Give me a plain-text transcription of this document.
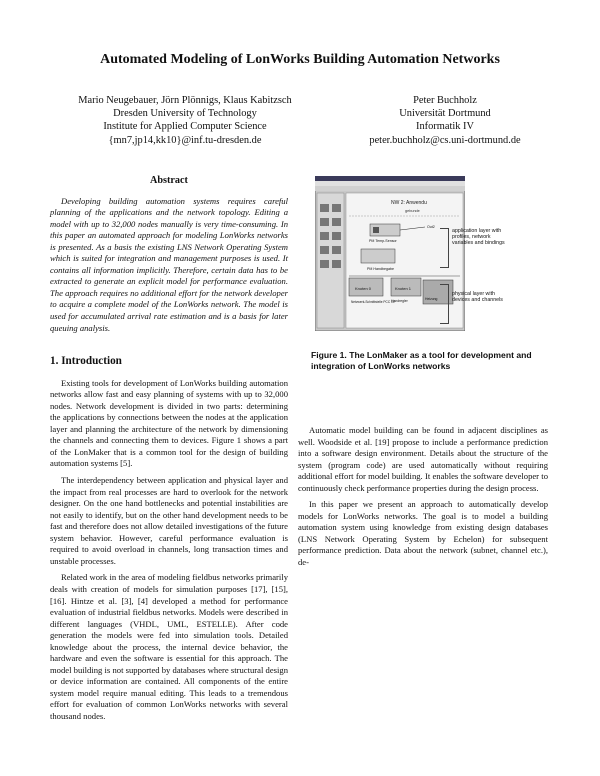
Automated Modeling of LonWorks Building Automation Networks
Mario Neugebauer, Jörn Plönnigs, Klaus Kabitzsch
Dresden University of Technology
Institute for Applied Computer Science
{mn7,jp14,kk10}@inf.tu-dresden.de
Peter Buchholz
Universität Dortmund
Informatik IV
peter.buchholz@cs.uni-dortmund.de
Abstract

Developing building automation systems requires careful planning of the applications and the network topology. Editing a model with up to 32,000 nodes manually is very time-consuming. In this paper an automated approach for modeling LonWorks networks is presented. As a basis the existing LNS Network Operating System which is suited for integration and management purposes is used. It contains all information implicitly. Therefore, certain data has to be extracted to generate an explicit model for performance evaluation. The approach requires no additional effort for the network developer to acquire a complete model of the LonWorks network. The model is used for accumulated arrival rate estimation and is a basis for later queuing analysis.

1. Introduction

Existing tools for development of LonWorks building automation networks allow fast and easy planning of systems with up to 32,000 nodes. Network development is divided in two parts: determining the applications by connections between the nodes at the application layer and planning the architecture of the network by dimensioning the channels and connecting them to devices. Figure 1 shows a part of the LonMaker that is a common tool for the design of building automation systems [5].

The interdependency between application and physical layer and the impact from real processes are hard to overlook for the network designer. On the one hand bottlenecks and potential instabilities are not easily to identify, but on the other hand development needs to be fast and therefore does not allow detailed investigations of the future system behavior. However, careful performance evaluation is required to avoid overload in channels, long transaction times and unstable processes.

Related work in the area of modeling fieldbus networks primarily deals with creation of models for simulation purposes [17], [15], [16]. Hintze et al. [3], [4] developed a method for performance evaluation of industrial fieldbus networks. Models were described in different languages (VHDL, UML, ESTELLE). After code generation the models were fed into simulation tools. Detailed knowledge about the process, the internal device behavior, the hardware and even the software is essential for this approach. The model building is not supported by databases where structural design or device information are contained. All components of the entire system model require manual editing. This leads to a tremendous effort for evaluation of common LonWorks networks with several thousand nodes.

Automatic model building can be found in adjacent disciplines as well. Woodside et al. [19] propose to include a performance prediction into a software design environment. Details about the structure of the system (program code) are used automatically without requiring additional effort for model building. It enables the software developer to continuously check performance properties during the design process.

In this paper we present an approach to automatically develop models for LonWorks networks. The goal is to model a building automation system using knowledge from existing design databases (LNS Network Operating System by Echelon) for subsequent performance prediction. Data about the network (subnet, channel etc.), de-

NW 2: Anwendu
gebunde
PM Temp-Sensor
Out2
PM Handbegabe
Knoten 0	Knoten 1
Heizung
Handregler
Netzwerk-Schnittstelle PCC 10
application layer with profiles, network variables and bindings
physical layer with devices and channels
Figure 1. The LonMaker as a tool for development and integration of LonWorks networks
